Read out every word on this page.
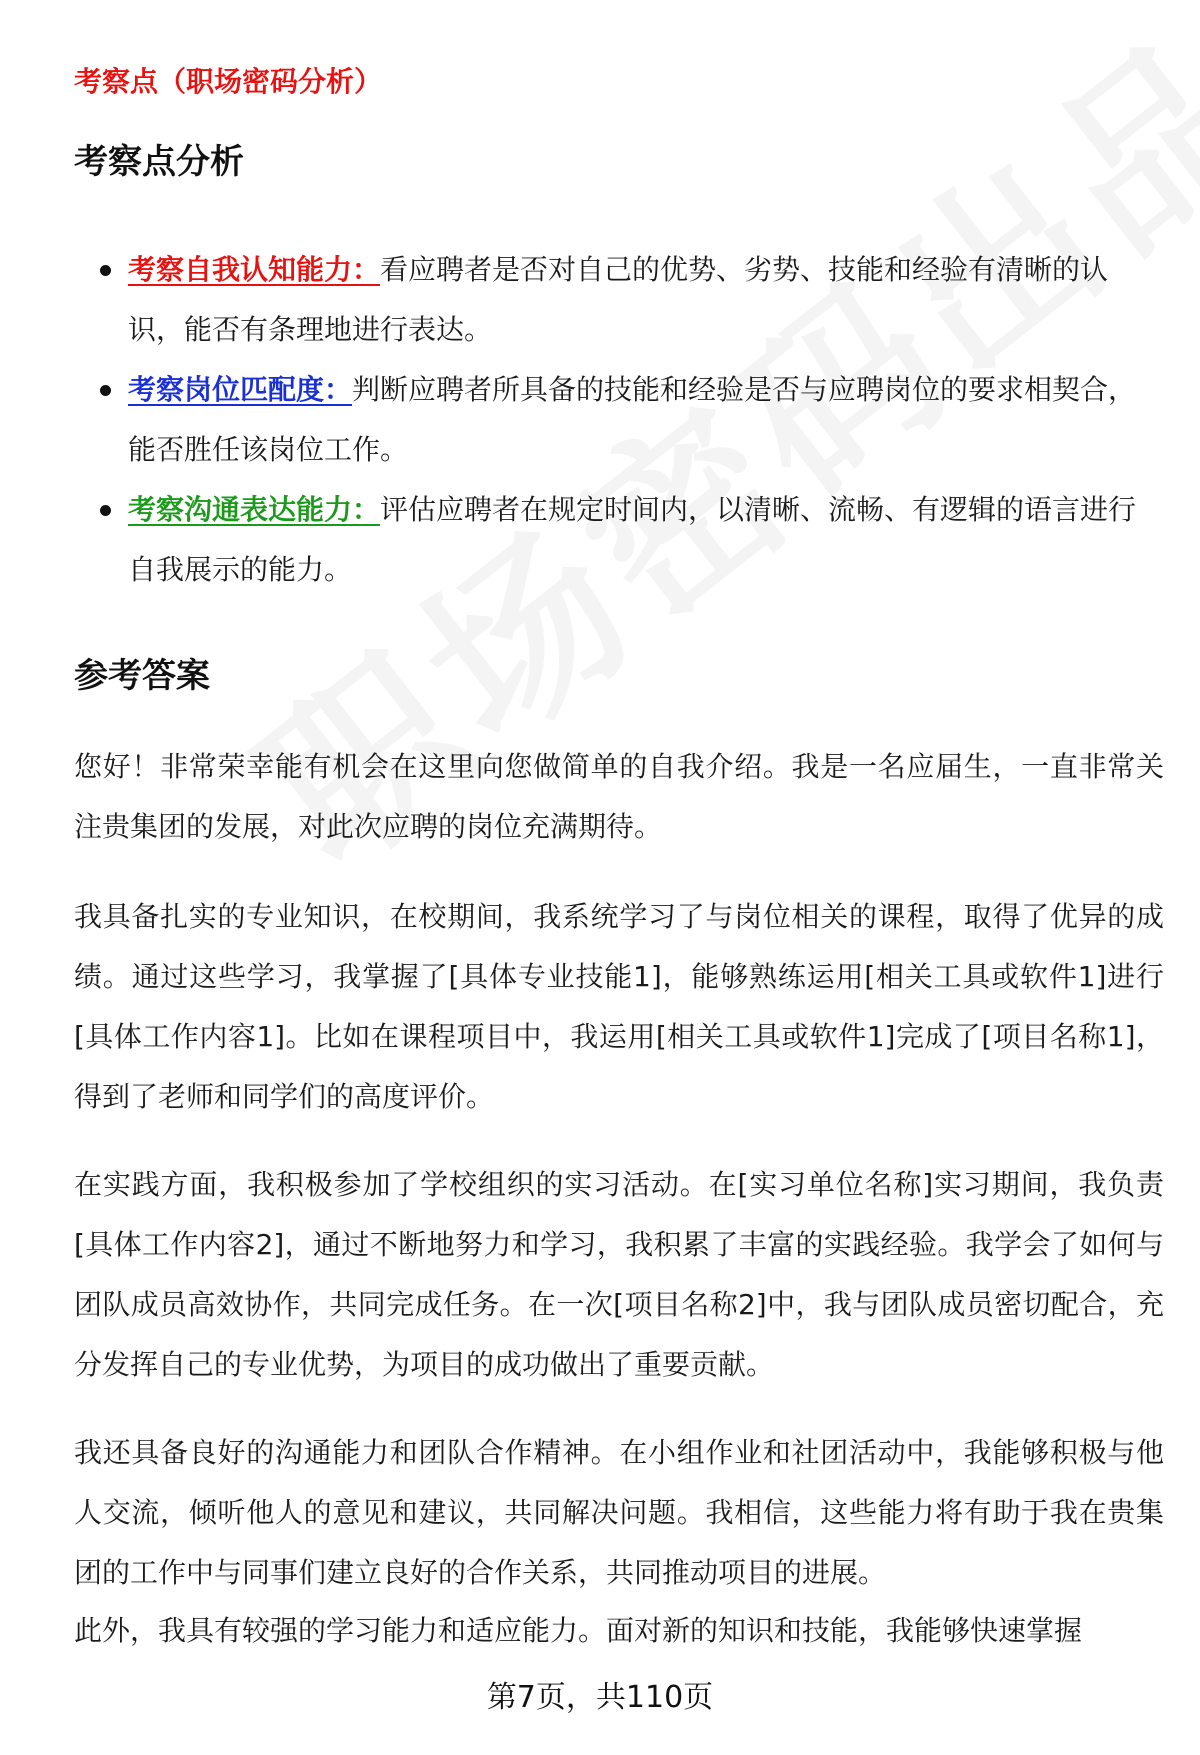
考察点（职场密码分析）
考察点分析
考察自我认知能力：看应聘者是否对自己的优势、劣势、技能和经验有清晰的认识，能否有条理地进行表达。
考察岗位匹配度：判断应聘者所具备的技能和经验是否与应聘岗位的要求相契合，能否胜任该岗位工作。
考察沟通表达能力：评估应聘者在规定时间内，以清晰、流畅、有逻辑的语言进行自我展示的能力。
参考答案

您好！非常荣幸能有机会在这里向您做简单的自我介绍。我是一名应届生，一直非常关注贵集团的发展，对此次应聘的岗位充满期待。

我具备扎实的专业知识，在校期间，我系统学习了与岗位相关的课程，取得了优异的成绩。通过这些学习，我掌握了[具体专业技能1]，能够熟练运用[相关工具或软件1]进行[具体工作内容1]。比如在课程项目中，我运用[相关工具或软件1]完成了[项目名称1]，得到了老师和同学们的高度评价。

在实践方面，我积极参加了学校组织的实习活动。在[实习单位名称]实习期间，我负责[具体工作内容2]，通过不断地努力和学习，我积累了丰富的实践经验。我学会了如何与团队成员高效协作，共同完成任务。在一次[项目名称2]中，我与团队成员密切配合，充分发挥自己的专业优势，为项目的成功做出了重要贡献。

我还具备良好的沟通能力和团队合作精神。在小组作业和社团活动中，我能够积极与他人交流，倾听他人的意见和建议，共同解决问题。我相信，这些能力将有助于我在贵集团的工作中与同事们建立良好的合作关系，共同推动项目的进展。

此外，我具有较强的学习能力和适应能力。面对新的知识和技能，我能够快速掌握

第7页，共110页
